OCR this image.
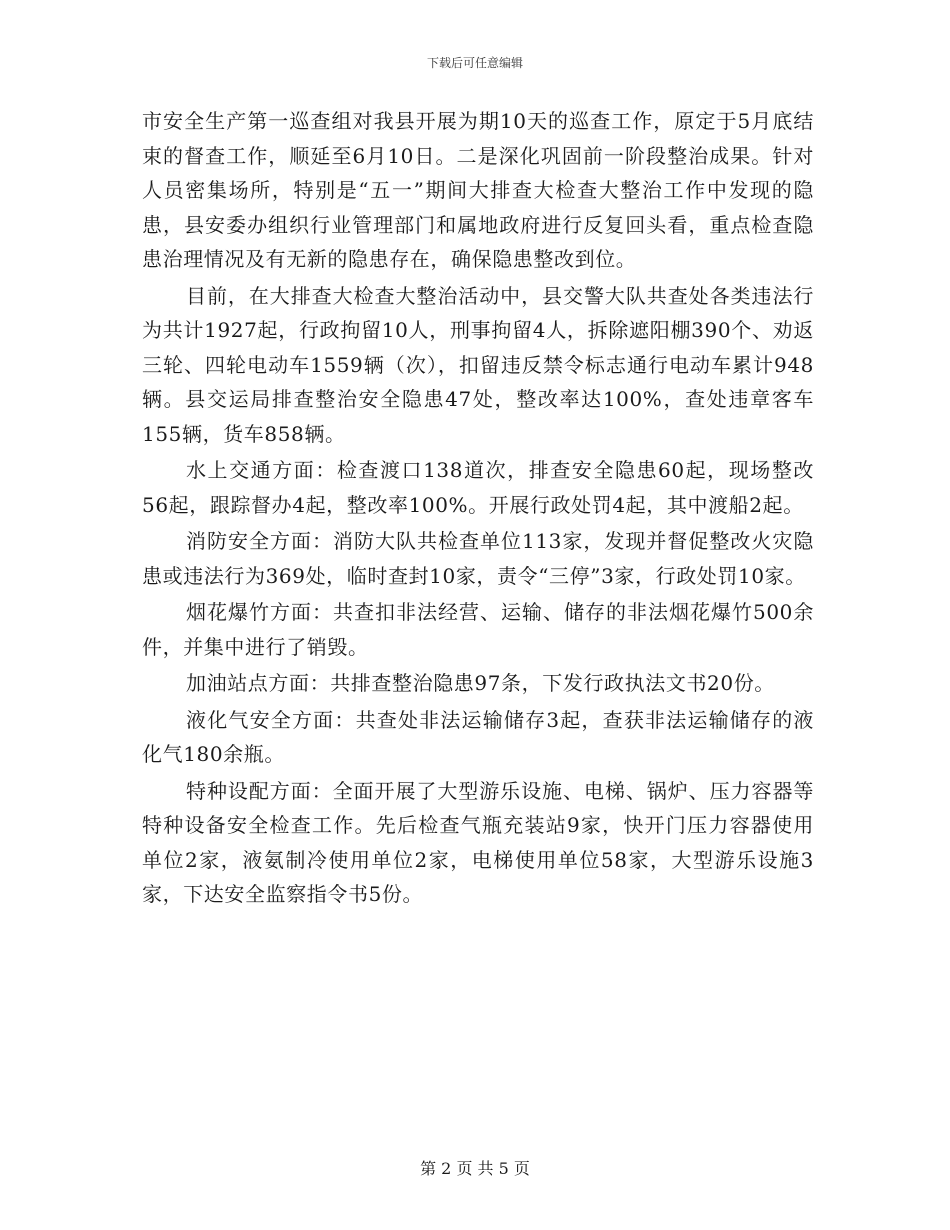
下载后可任意编辑

市安全生产第一巡查组对我县开展为期10天的巡查工作，原定于5月底结束的督查工作，顺延至6月10日。二是深化巩固前一阶段整治成果。针对人员密集场所，特别是“五一”期间大排查大检查大整治工作中发现的隐患，县安委办组织行业管理部门和属地政府进行反复回头看，重点检查隐患治理情况及有无新的隐患存在，确保隐患整改到位。

目前，在大排查大检查大整治活动中，县交警大队共查处各类违法行为共计1927起，行政拘留10人，刑事拘留4人，拆除遮阳棚390个、劝返三轮、四轮电动车1559辆（次），扣留违反禁令标志通行电动车累计948辆。县交运局排查整治安全隐患47处，整改率达100%，查处违章客车155辆，货车858辆。

水上交通方面：检查渡口138道次，排查安全隐患60起，现场整改56起，跟踪督办4起，整改率100%。开展行政处罚4起，其中渡船2起。

消防安全方面：消防大队共检查单位113家，发现并督促整改火灾隐患或违法行为369处，临时查封10家，责令“三停”3家，行政处罚10家。

烟花爆竹方面：共查扣非法经营、运输、储存的非法烟花爆竹500余件，并集中进行了销毁。

加油站点方面：共排查整治隐患97条，下发行政执法文书20份。

液化气安全方面：共查处非法运输储存3起，查获非法运输储存的液化气180余瓶。

特种设配方面：全面开展了大型游乐设施、电梯、锅炉、压力容器等特种设备安全检查工作。先后检查气瓶充装站9家，快开门压力容器使用单位2家，液氨制冷使用单位2家，电梯使用单位58家，大型游乐设施3家，下达安全监察指令书5份。

第 2 页 共 5 页
